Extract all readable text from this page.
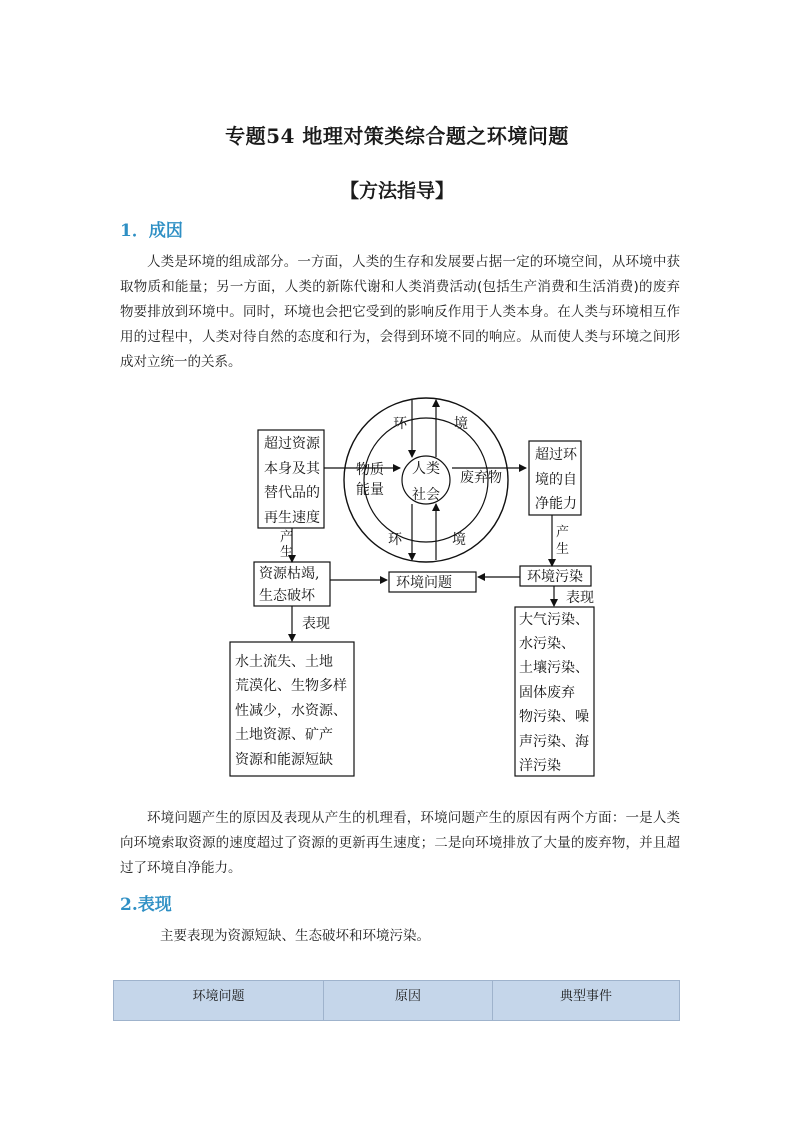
专题54 地理对策类综合题之环境问题
【方法指导】
1．成因
人类是环境的组成部分。一方面，人类的生存和发展要占据一定的环境空间，从环境中获取物质和能量；另一方面，人类的新陈代谢和人类消费活动(包括生产消费和生活消费)的废弃物要排放到环境中。同时，环境也会把它受到的影响反作用于人类本身。在人类与环境相互作用的过程中，人类对待自然的态度和行为，会得到环境不同的响应。从而使人类与环境之间形成对立统一的关系。
环	境
环	境
人类
社会
物质
能量
废弃物
超过资源
本身及其
替代品的
再生速度
超过环
境的自
净能力
产
生
产
生
资源枯竭,
生态破坏
环境问题	环境污染
表现
表现
水土流失、土地
荒漠化、生物多样
性减少，水资源、
土地资源、矿产
资源和能源短缺
大气污染、
水污染、
土壤污染、
固体废弃
物污染、噪
声污染、海
洋污染
环境问题产生的原因及表现从产生的机理看，环境问题产生的原因有两个方面：一是人类向环境索取资源的速度超过了资源的更新再生速度；二是向环境排放了大量的废弃物，并且超过了环境自净能力。
2.表现
主要表现为资源短缺、生态破坏和环境污染。
环境问题	原因	典型事件
